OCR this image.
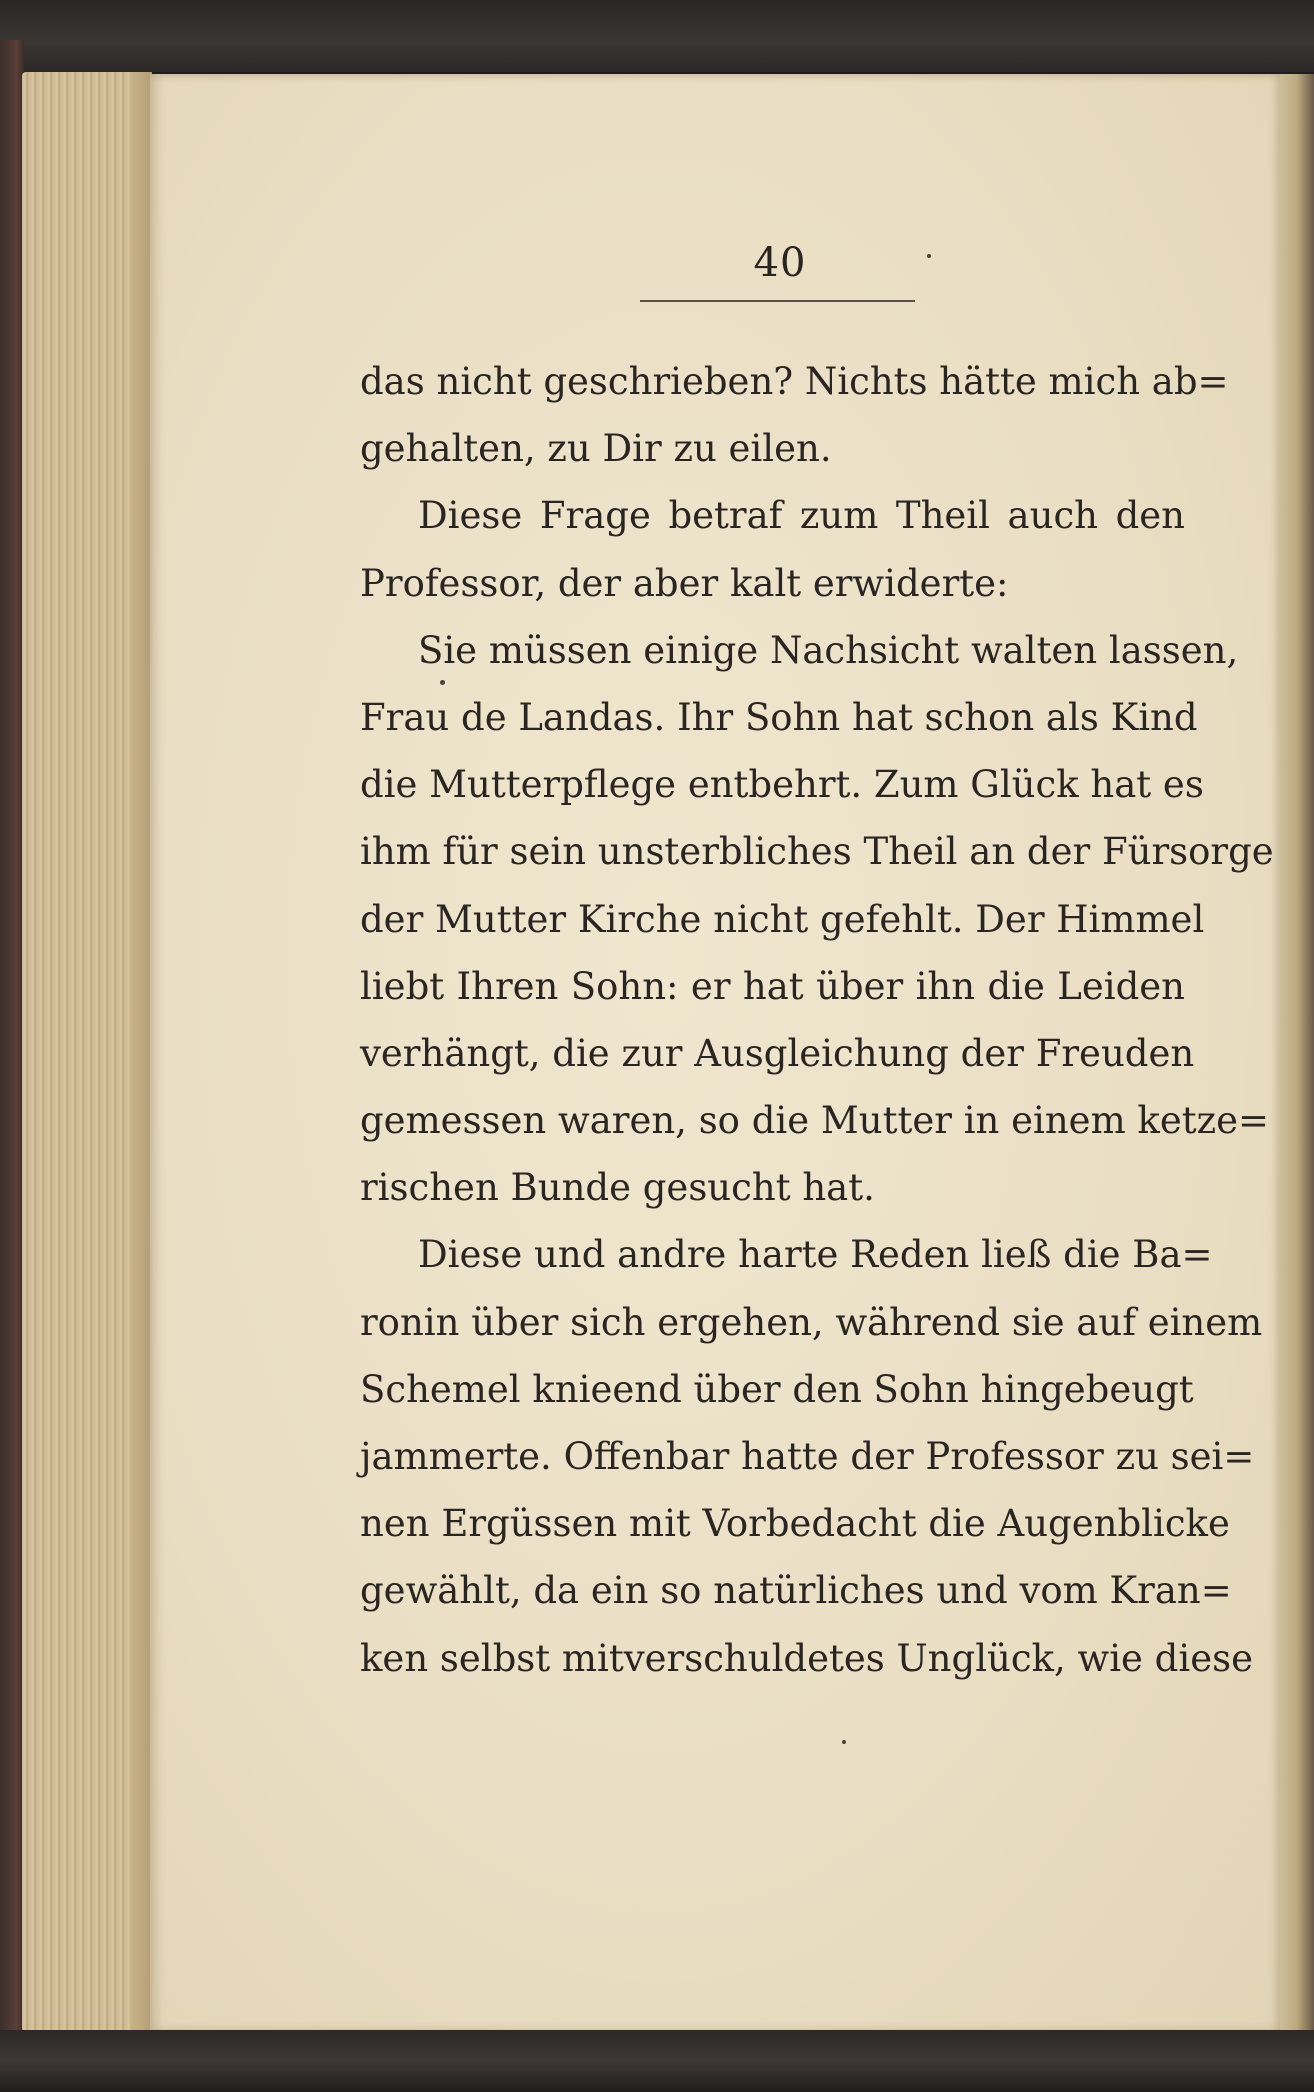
40
das nicht geschrieben? Nichts hätte mich ab=
gehalten, zu Dir zu eilen.
Diese Frage betraf zum Theil auch den
Professor, der aber kalt erwiderte:
Sie müssen einige Nachsicht walten lassen,
Frau de Landas. Ihr Sohn hat schon als Kind
die Mutterpflege entbehrt. Zum Glück hat es
ihm für sein unsterbliches Theil an der Fürsorge
der Mutter Kirche nicht gefehlt. Der Himmel
liebt Ihren Sohn: er hat über ihn die Leiden
verhängt, die zur Ausgleichung der Freuden
gemessen waren, so die Mutter in einem ketze=
rischen Bunde gesucht hat.
Diese und andre harte Reden ließ die Ba=
ronin über sich ergehen, während sie auf einem
Schemel knieend über den Sohn hingebeugt
jammerte. Offenbar hatte der Professor zu sei=
nen Ergüssen mit Vorbedacht die Augenblicke
gewählt, da ein so natürliches und vom Kran=
ken selbst mitverschuldetes Unglück, wie diese
